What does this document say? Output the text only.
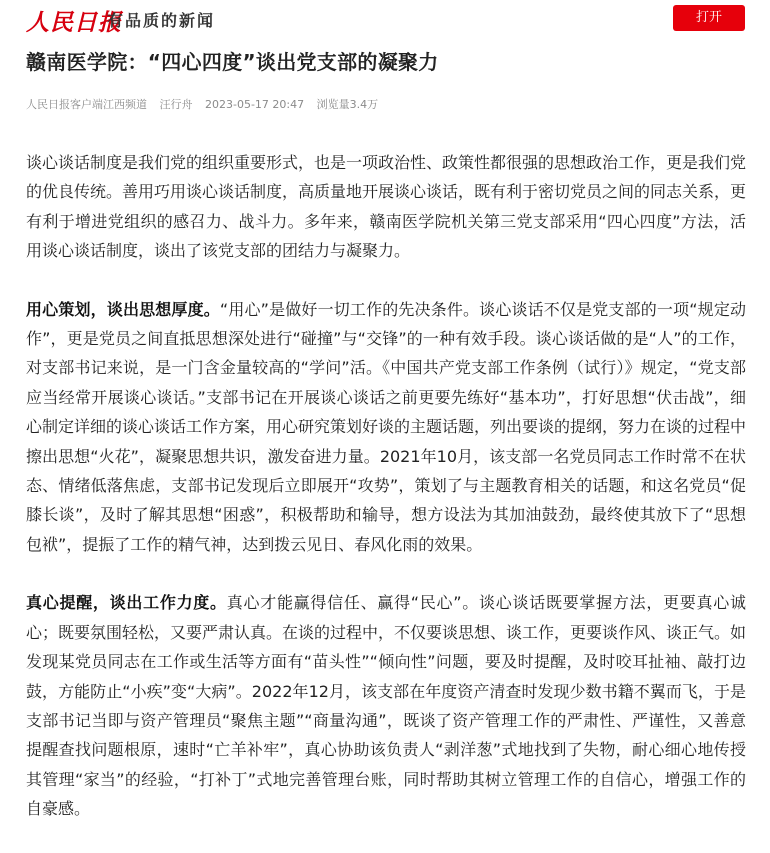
人民日报
有品质的新闻	打开
赣南医学院：“四心四度”谈出党支部的凝聚力
人民日报客户端江西频道 汪行舟 2023-05-17 20:47 浏览量3.4万

谈心谈话制度是我们党的组织重要形式，也是一项政治性、政策性都很强的思想政治工作，更是我们党的优良传统。善用巧用谈心谈话制度，高质量地开展谈心谈话，既有利于密切党员之间的同志关系，更有利于增进党组织的感召力、战斗力。多年来，赣南医学院机关第三党支部采用“四心四度”方法，活用谈心谈话制度，谈出了该党支部的团结力与凝聚力。

用心策划，谈出思想厚度。“用心”是做好一切工作的先决条件。谈心谈话不仅是党支部的一项“规定动作”，更是党员之间直抵思想深处进行“碰撞”与“交锋”的一种有效手段。谈心谈话做的是“人”的工作，对支部书记来说，是一门含金量较高的“学问”活。《中国共产党支部工作条例（试行）》规定，“党支部应当经常开展谈心谈话。”支部书记在开展谈心谈话之前更要先练好“基本功”，打好思想“伏击战”，细心制定详细的谈心谈话工作方案，用心研究策划好谈的主题话题，列出要谈的提纲，努力在谈的过程中擦出思想“火花”，凝聚思想共识，激发奋进力量。2021年10月，该支部一名党员同志工作时常不在状态、情绪低落焦虑，支部书记发现后立即展开“攻势”，策划了与主题教育相关的话题，和这名党员“促膝长谈”，及时了解其思想“困惑”，积极帮助和输导，想方设法为其加油鼓劲，最终使其放下了“思想包袱”，提振了工作的精气神，达到拨云见日、春风化雨的效果。

真心提醒，谈出工作力度。真心才能赢得信任、赢得“民心”。谈心谈话既要掌握方法，更要真心诚心；既要氛围轻松，又要严肃认真。在谈的过程中，不仅要谈思想、谈工作，更要谈作风、谈正气。如发现某党员同志在工作或生活等方面有“苗头性”“倾向性”问题，要及时提醒，及时咬耳扯袖、敲打边鼓，方能防止“小疾”变“大病”。2022年12月，该支部在年度资产清查时发现少数书籍不翼而飞，于是支部书记当即与资产管理员“聚焦主题”“商量沟通”，既谈了资产管理工作的严肃性、严谨性，又善意提醒查找问题根原，速时“亡羊补牢”，真心协助该负责人“剥洋葱”式地找到了失物，耐心细心地传授其管理“家当”的经验，“打补丁”式地完善管理台账，同时帮助其树立管理工作的自信心，增强工作的自豪感。
